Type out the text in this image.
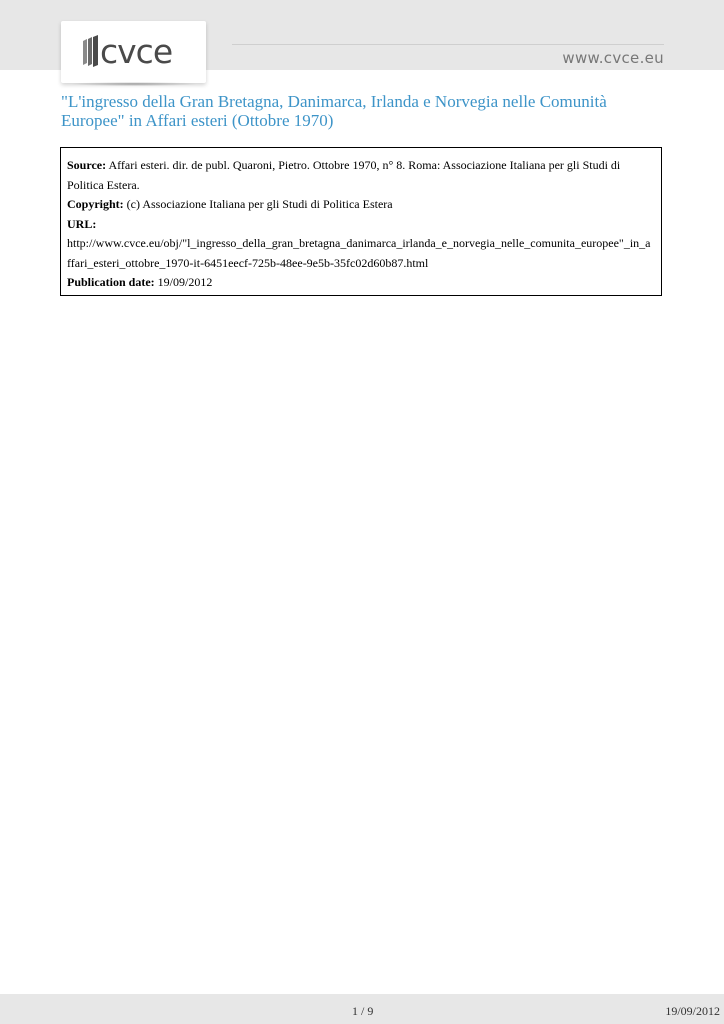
cvce	www.cvce.eu
"L'ingresso della Gran Bretagna, Danimarca, Irlanda e Norvegia nelle Comunità Europee" in Affari esteri (Ottobre 1970)
Source: Affari esteri. dir. de publ. Quaroni, Pietro. Ottobre 1970, n° 8. Roma: Associazione Italiana per gli Studi di Politica Estera.
Copyright: (c) Associazione Italiana per gli Studi di Politica Estera
URL:
http://www.cvce.eu/obj/"l_ingresso_della_gran_bretagna_danimarca_irlanda_e_norvegia_nelle_comunita_europee"_in_affari_esteri_ottobre_1970-it-6451eecf-725b-48ee-9e5b-35fc02d60b87.html
Publication date: 19/09/2012
1 / 9	19/09/2012
